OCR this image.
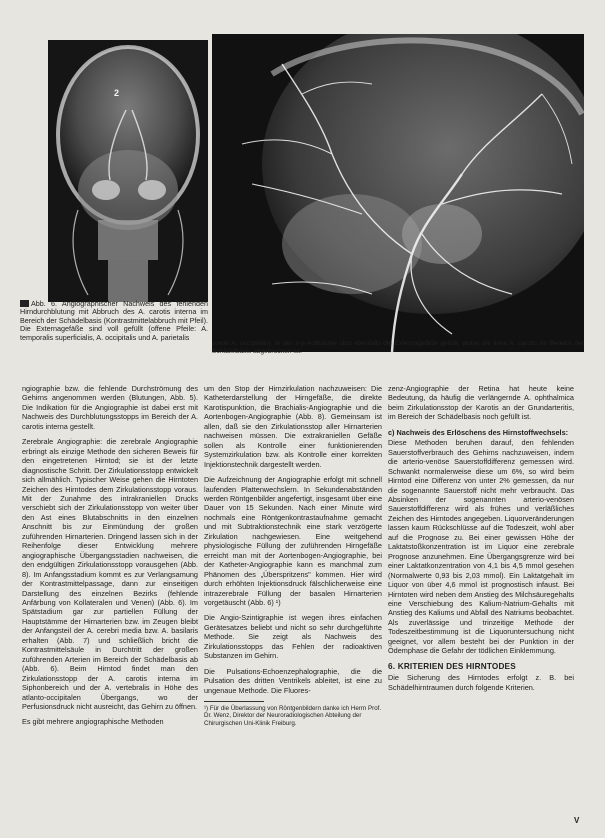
2
Abb. 6. Angiographischer Nachweis des fehlenden Hirndurchblutung mit Abbruch des A. carotis interna im Bereich der Schädelbasis (Kontrastmittelabbruch mit Pfeil). Die Externagefäße sind voll gefüllt (offene Pfeile: A. temporalis superficialis, A. occipitalis und A. parietalis
sowie A. occipitalis). In der a-p-Aufnahme sind ebenfalls die Externagefäße gefüllt, wobei die linke A. carotis im Bereich der Schädelbasis abgebrochen ist.

ngiographie bzw. die fehlende Durchströmung des Gehirns angenommen werden (Blutungen, Abb. 5). Die Indikation für die Angiographie ist dabei erst mit Nachweis des Durchblutungsstopps im Bereich der A. carotis interna gestellt.

Zerebrale Angiographie: die zerebrale Angiographie erbringt als einzige Methode den sicheren Beweis für den eingetretenen Hirntod; sie ist der letzte diagnostische Schritt. Der Zirkulationsstopp entwickelt sich allmählich. Typischer Weise gehen die Hirntoten Zeichen des Hirntodes dem Zirkulationsstopp voraus. Mit der Zunahme des intrakraniellen Drucks verschiebt sich der Zirkulationsstopp von weiter über den Ast eines Blutabschnitts in den einzelnen Anschnitt bis zur Einmündung der großen zuführenden Hirnarterien. Dringend lassen sich in der Reihenfolge dieser Entwicklung mehrere angiographische Übergangsstadien nachweisen, die den endgültigen Zirkulationsstopp vorausgehen (Abb. 8). Im Anfangsstadium kommt es zur Verlangsamung der Kontrastmittelpassage, dann zur einseitigen Darstellung des einzelnen Bezirks (fehlende Anfärbung von Kollateralen und Venen) (Abb. 6). Im Spätstadium gar zur partiellen Füllung der Hauptstämme der Hirnarterien bzw. im Zeugen bleibt der Anfangsteil der A. cerebri media bzw. A. basilaris erhalten (Abb. 7) und schließlich bricht die Kontrastmittelsäule in Durchtritt der großen zuführenden Arterien im Bereich der Schädelbasis ab (Abb. 6). Beim Hirntod findet man den Zirkulationsstopp der A. carotis interna im Siphonbereich und der A. vertebralis in Höhe des atlanto-occipitalen Übergangs, wo der Perfusionsdruck nicht ausreicht, das Gehirn zu öffnen.

Es gibt mehrere angiographische Methoden

um den Stop der Hirnzirkulation nachzuweisen: Die Katheterdarstellung der Hirngefäße, die direkte Karotispunktion, die Brachialis-Angiographie und die Aortenbogen-Angiographie (Abb. 8). Gemeinsam ist allen, daß sie den Zirkulationsstop aller Hirnarterien nachweisen müssen. Die extrakraniellen Gefäße sollen als Kontrolle einer funktionierenden Systemzirkulation bzw. als Kontrolle einer korrekten Injektionstechnik dargestellt werden.

Die Aufzeichnung der Angiographie erfolgt mit schnell laufenden Plattenwechslern. In Sekundenabständen werden Röntgenbilder angefertigt, insgesamt über eine Dauer von 15 Sekunden. Nach einer Minute wird nochmals eine Röntgenkontrastaufnahme gemacht und mit Subtraktionstechnik eine stark verzögerte Zirkulation nachgewiesen. Eine weitgehend physiologische Füllung der zuführenden Hirngefäße erreicht man mit der Aortenbogen-Angiographie, bei der Katheter-Angiographie kann es manchmal zum Phänomen des „Überspritzens" kommen. Hier wird durch erhöhten Injektionsdruck fälschlicherweise eine intrazerebrale Füllung der basalen Hirnarterien vorgetäuscht (Abb. 6) ¹)

Die Angio-Szintigraphie ist wegen ihres einfachen Gerätesatzes beliebt und nicht so sehr durchgeführte Methode. Sie zeigt als Nachweis des Zirkulationsstopps das Fehlen der radioaktiven Substanzen im Gehirn.

Die Pulsations-Echoenzephalographie, die die Pulsation des dritten Ventrikels ableitet, ist eine zu ungenaue Methode. Die Fluores-

¹) Für die Überlassung von Röntgenbildern danke ich Herrn Prof. Dr. Wenz, Direktor der Neuroradiologischen Abteilung der Chirurgischen Uni-Klinik Freiburg.

zenz-Angiographie der Retina hat heute keine Bedeutung, da häufig die verlängernde A. ophthalmica beim Zirkulationsstop der Karotis an der Grundarteritis, im Bereich der Schädelbasis noch gefüllt ist.

c) Nachweis des Erlöschens des Hirnstoffwechsels:

Diese Methoden beruhen darauf, den fehlenden Sauerstoffverbrauch des Gehirns nachzuweisen, indem die arterio-venöse Sauerstoffdifferenz gemessen wird. Schwankt normalerweise diese um 6%, so wird beim Hirntod eine Differenz von unter 2% gemessen, da nur die sogenannte Sauerstoff nicht mehr verbraucht. Das Absinken der sogenannten arterio-venösen Sauerstoffdifferenz wird als frühes und verläßliches Zeichen des Hirntodes angegeben. Liquorveränderungen lassen kaum Rückschlüsse auf die Todeszeit, wohl aber auf die Prognose zu. Bei einer gewissen Höhe der Laktatstoßkonzentration ist im Liquor eine zerebrale Prognose anzunehmen. Eine Übergangsgrenze wird bei einer Laktatkonzentration von 4,1 bis 4,5 mmol gesehen (Normalwerte 0,93 bis 2,03 mmol). Ein Laktatgehalt im Liquor von über 4,6 mmol ist prognostisch infaust. Bei Hirntoten wird neben dem Anstieg des Milchsäuregehalts eine Verschiebung des Kalium-Natrium-Gehalts mit Anstieg des Kaliums und Abfall des Natriums beobachtet. Als zuverlässige und trinzeitige Methode der Todeszeitbestimmung ist die Liquoruntersuchung nicht geeignet, vor allem besteht bei der Punktion in der Ödemphase die Gefahr der tödlichen Einklemmung.

6. KRITERIEN DES HIRNTODES

Die Sicherung des Hirntodes erfolgt z. B. bei Schädelhirntraumen durch folgende Kriterien.

V
